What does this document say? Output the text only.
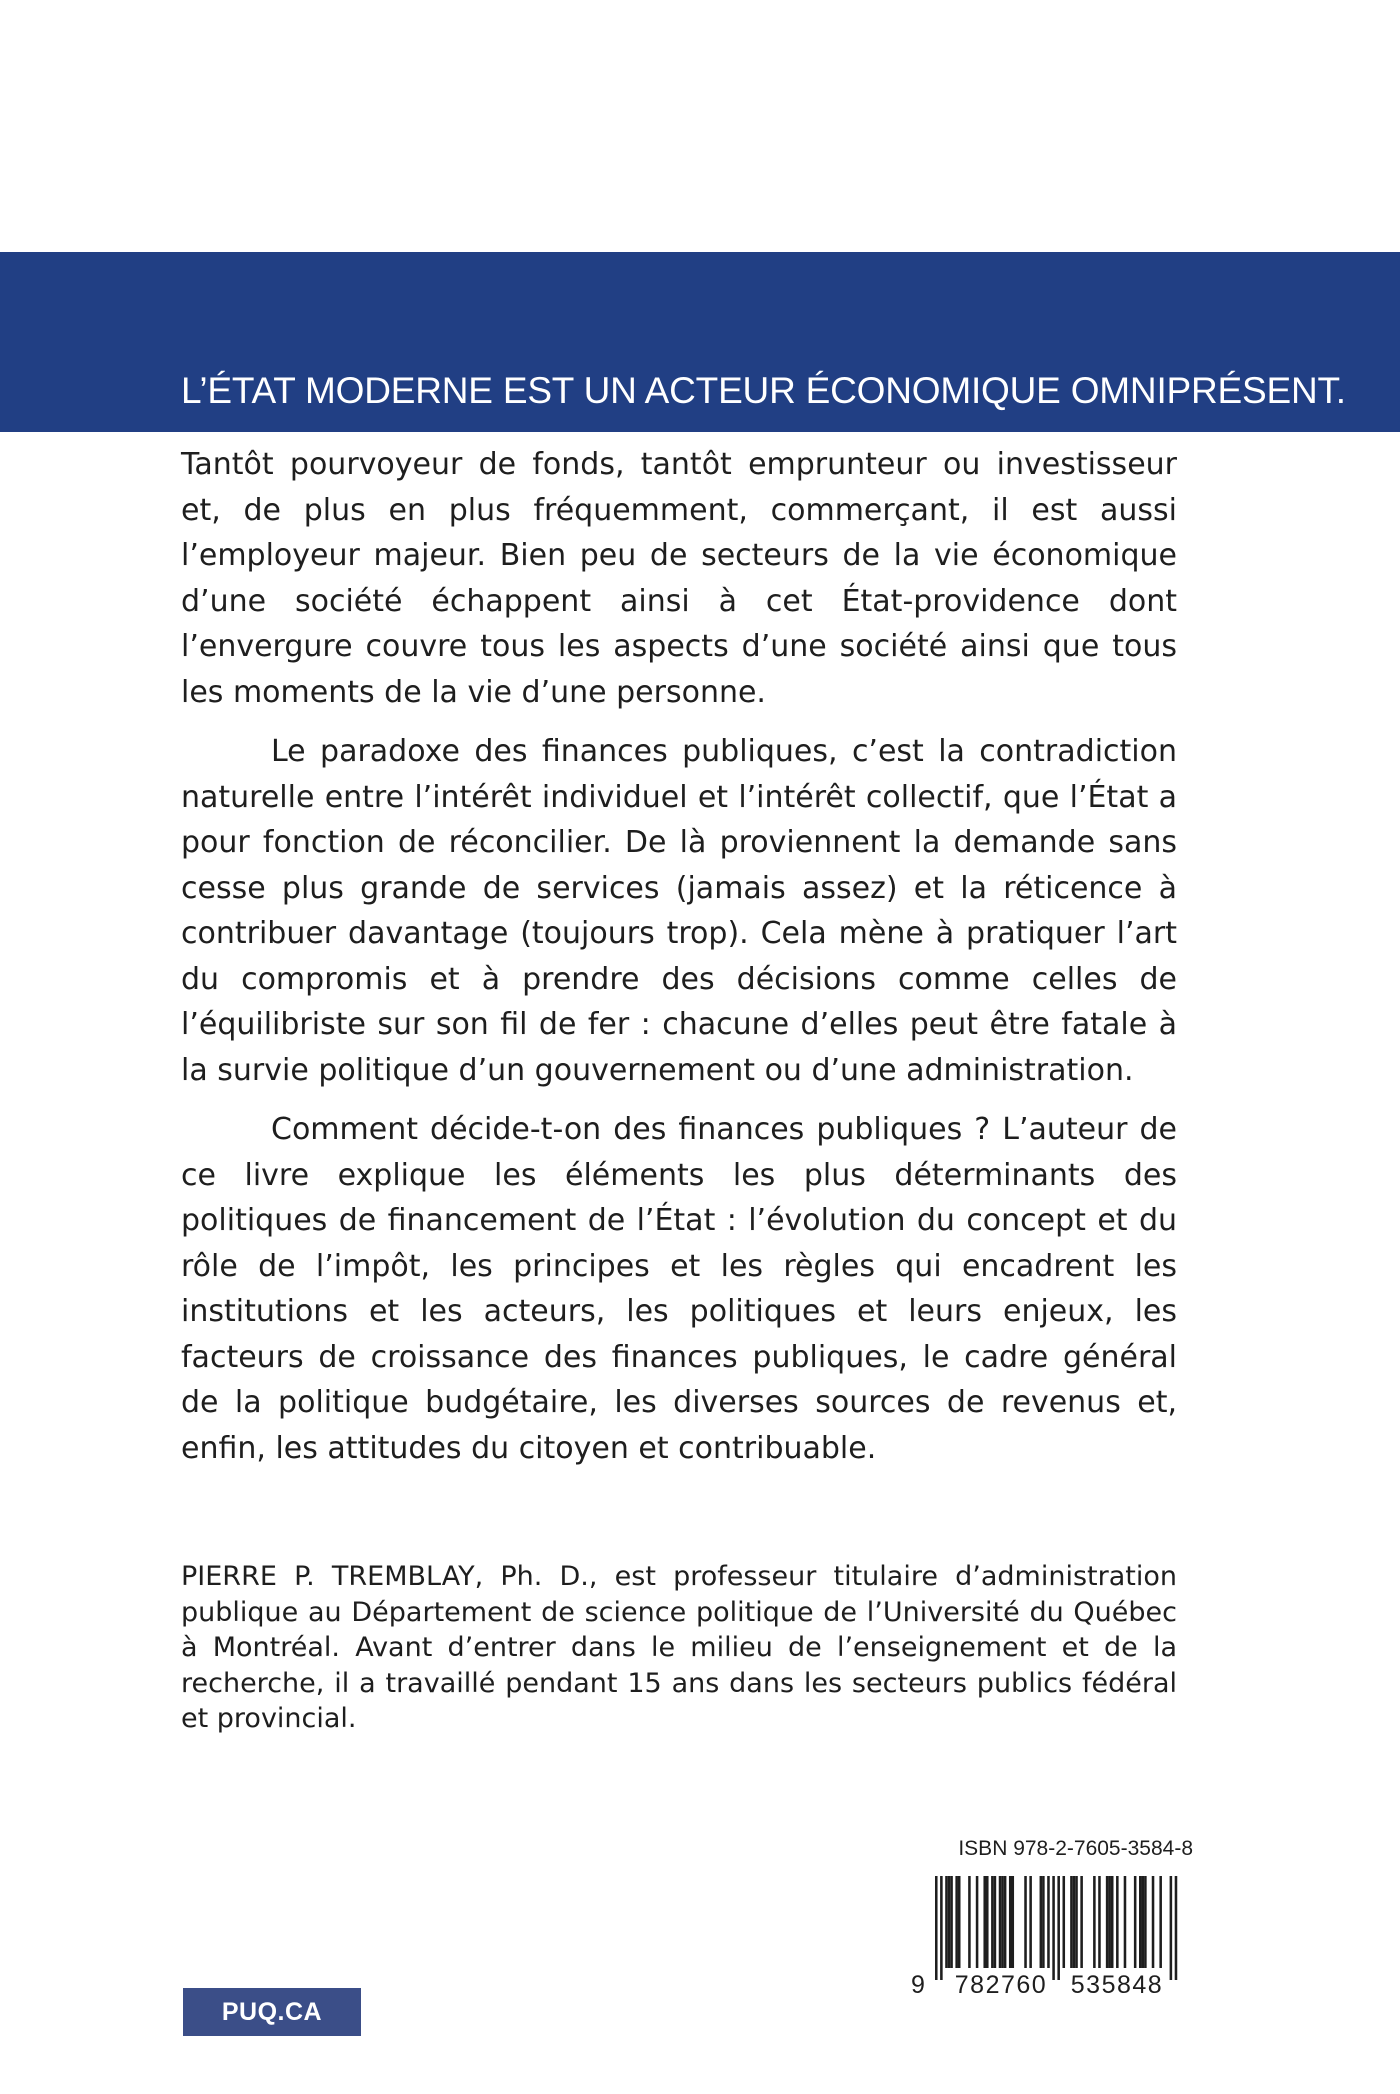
L’ÉTAT MODERNE EST UN ACTEUR ÉCONOMIQUE OMNIPRÉSENT.

Tantôt pourvoyeur de fonds, tantôt emprunteur ou investisseur et, de plus en plus fréquemment, commerçant, il est aussi l’employeur majeur. Bien peu de secteurs de la vie économique d’une société échappent ainsi à cet État-providence dont l’envergure couvre tous les aspects d’une société ainsi que tous les moments de la vie d’une personne.

Le paradoxe des finances publiques, c’est la contradiction naturelle entre l’intérêt individuel et l’intérêt collectif, que l’État a pour fonction de réconcilier. De là proviennent la demande sans cesse plus grande de services (jamais assez) et la réticence à contribuer davantage (toujours trop). Cela mène à pratiquer l’art du compromis et à prendre des décisions comme celles de l’équilibriste sur son fil de fer : chacune d’elles peut être fatale à la survie politique d’un gouvernement ou d’une administration.

Comment décide-t-on des finances publiques ? L’auteur de ce livre explique les éléments les plus déterminants des politiques de financement de l’État : l’évolution du concept et du rôle de l’impôt, les principes et les règles qui encadrent les institutions et les acteurs, les politiques et leurs enjeux, les facteurs de croissance des finances publiques, le cadre général de la politique budgétaire, les diverses sources de revenus et, enfin, les attitudes du citoyen et contribuable.

PIERRE P. TREMBLAY, Ph. D., est professeur titulaire d’administration publique au Département de science politique de l’Université du Québec à Montréal. Avant d’entrer dans le milieu de l’enseignement et de la recherche, il a travaillé pendant 15 ans dans les secteurs publics fédéral et provincial.

ISBN 978-2-7605-3584-8

9 782760 535848
PUQ.CA
